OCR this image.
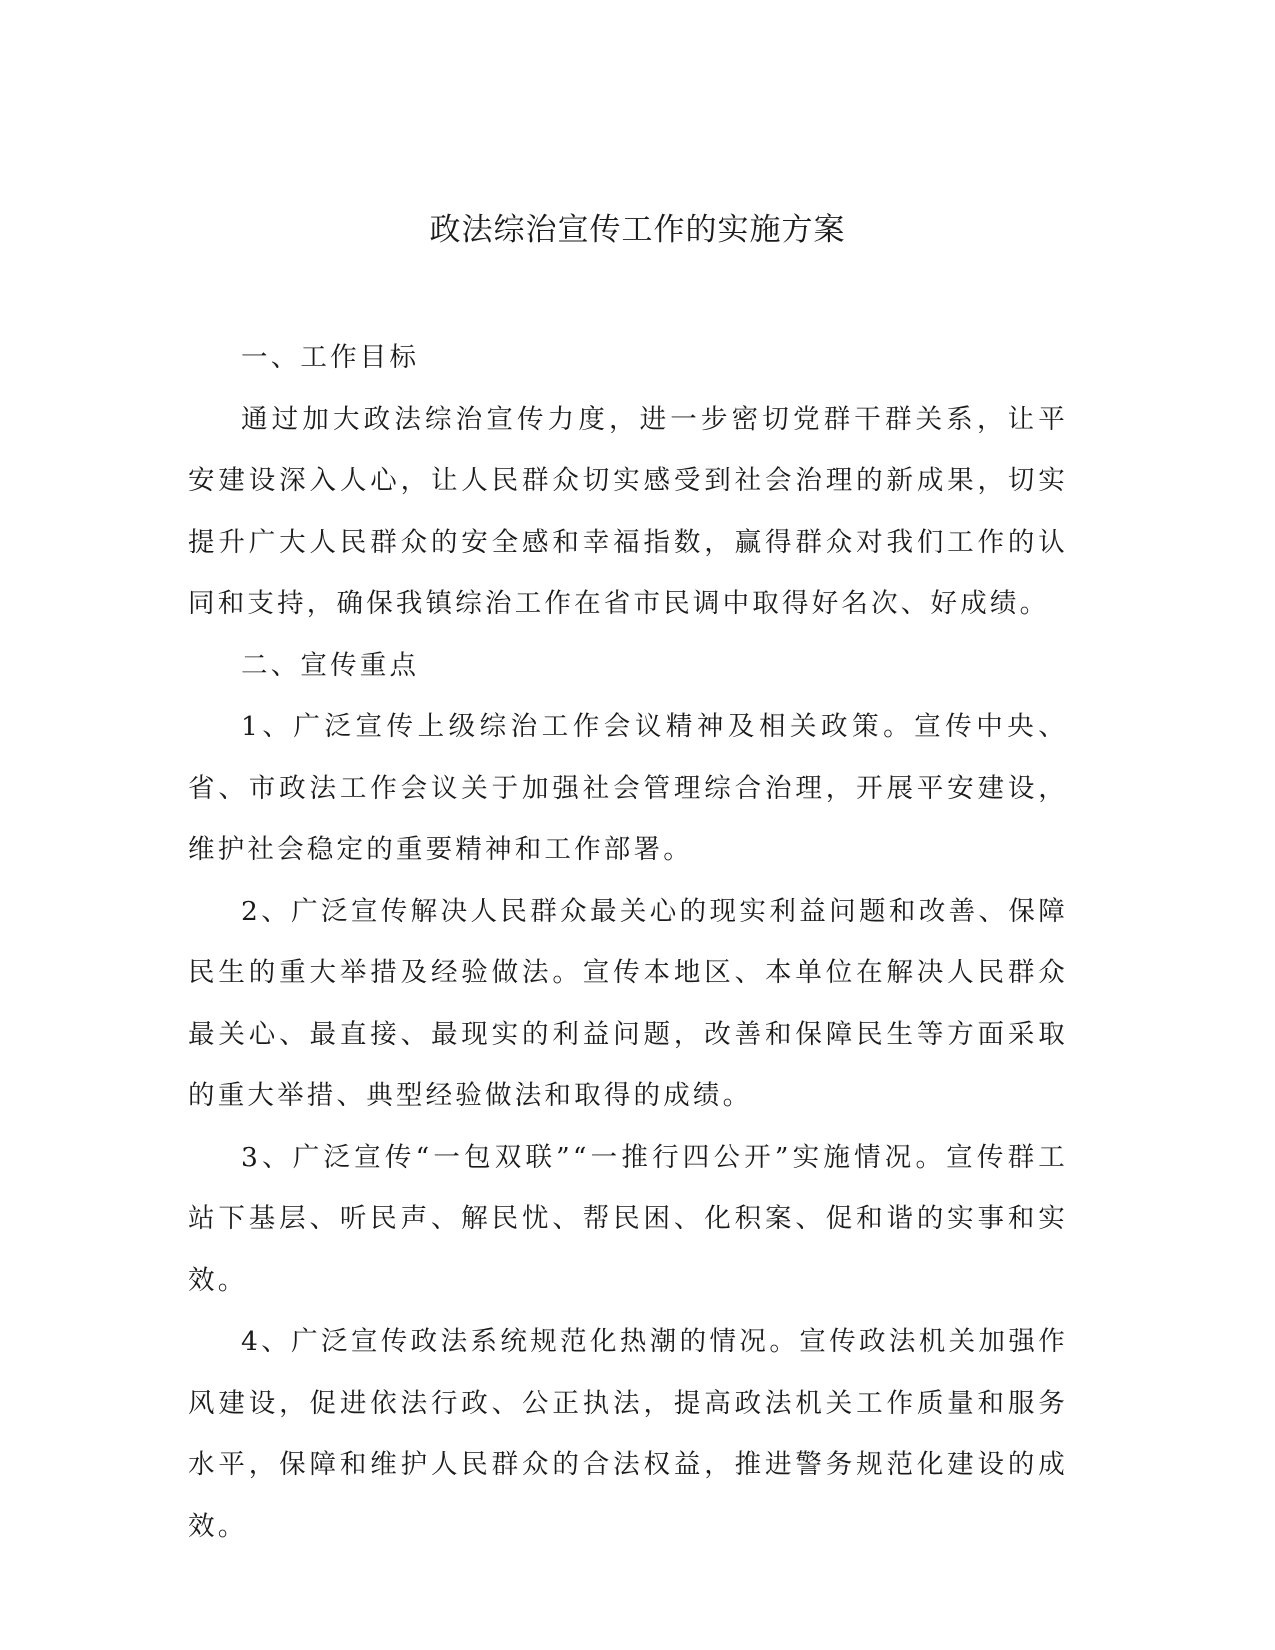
政法综治宣传工作的实施方案

一、工作目标

通过加大政法综治宣传力度，进一步密切党群干群关系，让平安建设深入人心，让人民群众切实感受到社会治理的新成果，切实提升广大人民群众的安全感和幸福指数，赢得群众对我们工作的认同和支持，确保我镇综治工作在省市民调中取得好名次、好成绩。

二、宣传重点

1、广泛宣传上级综治工作会议精神及相关政策。宣传中央、省、市政法工作会议关于加强社会管理综合治理，开展平安建设，维护社会稳定的重要精神和工作部署。

2、广泛宣传解决人民群众最关心的现实利益问题和改善、保障民生的重大举措及经验做法。宣传本地区、本单位在解决人民群众最关心、最直接、最现实的利益问题，改善和保障民生等方面采取的重大举措、典型经验做法和取得的成绩。

3、广泛宣传“一包双联”“一推行四公开”实施情况。宣传群工站下基层、听民声、解民忧、帮民困、化积案、促和谐的实事和实效。

4、广泛宣传政法系统规范化热潮的情况。宣传政法机关加强作风建设，促进依法行政、公正执法，提高政法机关工作质量和服务水平，保障和维护人民群众的合法权益，推进警务规范化建设的成效。
